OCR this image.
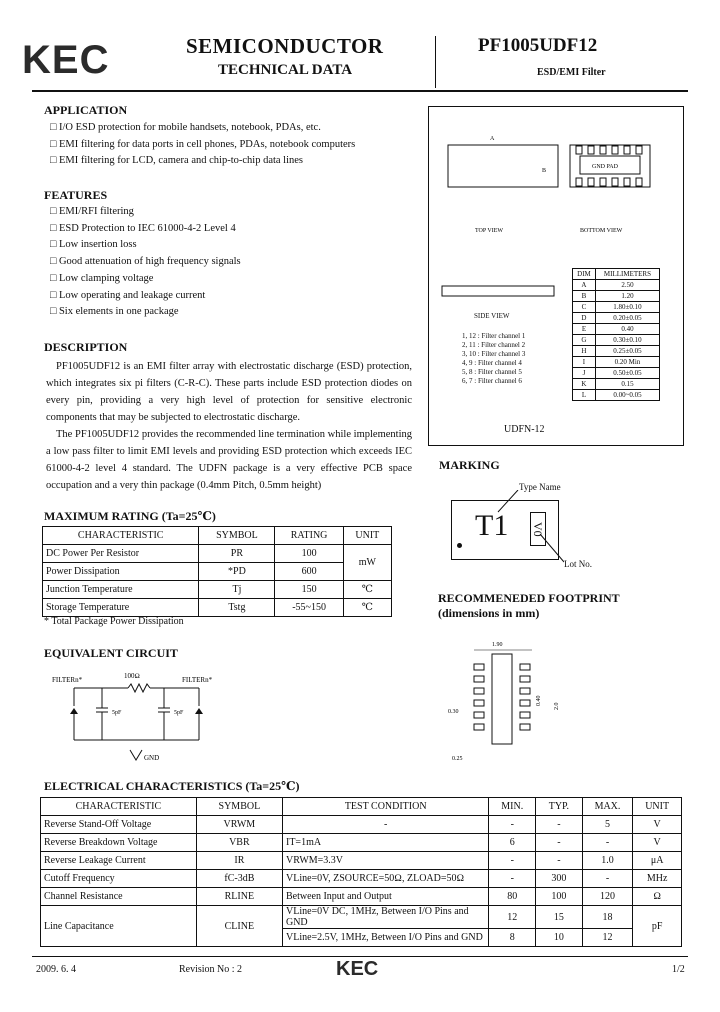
KEC	SEMICONDUCTOR
TECHNICAL DATA
PF1005UDF12
ESD/EMI Filter
APPLICATION
□ I/O ESD protection for mobile handsets, notebook, PDAs, etc.
□ EMI filtering for data ports in cell phones, PDAs, notebook computers
□ EMI filtering for LCD, camera and chip-to-chip data lines
FEATURES
□ EMI/RFI filtering
□ ESD Protection to IEC 61000-4-2 Level 4
□ Low insertion loss
□ Good attenuation of high frequency signals
□ Low clamping voltage
□ Low operating and leakage current
□ Six elements in one package
DESCRIPTION

PF1005UDF12 is an EMI filter array with electrostatic discharge (ESD) protection, which integrates six pi filters (C-R-C). These parts include ESD protection diodes on every pin, providing a very high level of protection for sensitive electronic components that may be subjected to electrostatic discharge.

The PF1005UDF12 provides the recommended line termination while implementing a low pass filter to limit EMI levels and providing ESD protection which exceeds IEC 61000-4-2 level 4 standard. The UDFN package is a very effective PCB space occupation and a very thin package (0.4mm Pitch, 0.5mm height)

MAXIMUM RATING (Ta=25℃)
CHARACTERISTIC	SYMBOL	RATING	UNIT
DC Power Per Resistor	PR	100	mW
Power Dissipation	*PD	600	
Junction Temperature	Tj	150	℃
Storage Temperature	Tstg	-55~150	℃
* Total Package Power Dissipation
EQUIVALENT CIRCUIT
FILTERn*	FILTERn*
100Ω
5pF	5pF
GND
A
B
TOP VIEW
GND PAD
BOTTOM VIEW
SIDE VIEW
1, 12 : Filter channel 1
2, 11 : Filter channel 2
3, 10 : Filter channel 3
4, 9 : Filter channel 4
5, 8 : Filter channel 5
6, 7 : Filter channel 6
DIM	MILLIMETERS
A	2.50
B	1.20
C	1.80±0.10
D	0.20±0.05
E	0.40
G	0.30±0.10
H	0.25±0.05
I	0.20 Min
J	0.50±0.05
K	0.15
L	0.00~0.05
UDFN-12
MARKING
Type Name
T1 V0
Lot No.
RECOMMENEDED FOOTPRINT
(dimensions in mm)
1.90
0.30
0.40
2.0
0.25
ELECTRICAL CHARACTERISTICS (Ta=25℃)
CHARACTERISTIC	SYMBOL	TEST CONDITION	MIN.	TYP.	MAX.	UNIT
Reverse Stand-Off Voltage	VRWM	-	-	-	5	V
Reverse Breakdown Voltage	VBR	IT=1mA	6	-	-	V
Reverse Leakage Current	IR	VRWM=3.3V	-	-	1.0	μA
Cutoff Frequency	fC-3dB	VLine=0V, ZSOURCE=50Ω, ZLOAD=50Ω	-	300	-	MHz
Channel Resistance	RLINE	Between Input and Output	80	100	120	Ω
Line Capacitance	CLINE	VLine=0V DC, 1MHz, Between I/O Pins and GND	12	15	18	pF
		VLine=2.5V, 1MHz, Between I/O Pins and GND	8	10	12	
2009. 6. 4	Revision No : 2	KEC	1/2
